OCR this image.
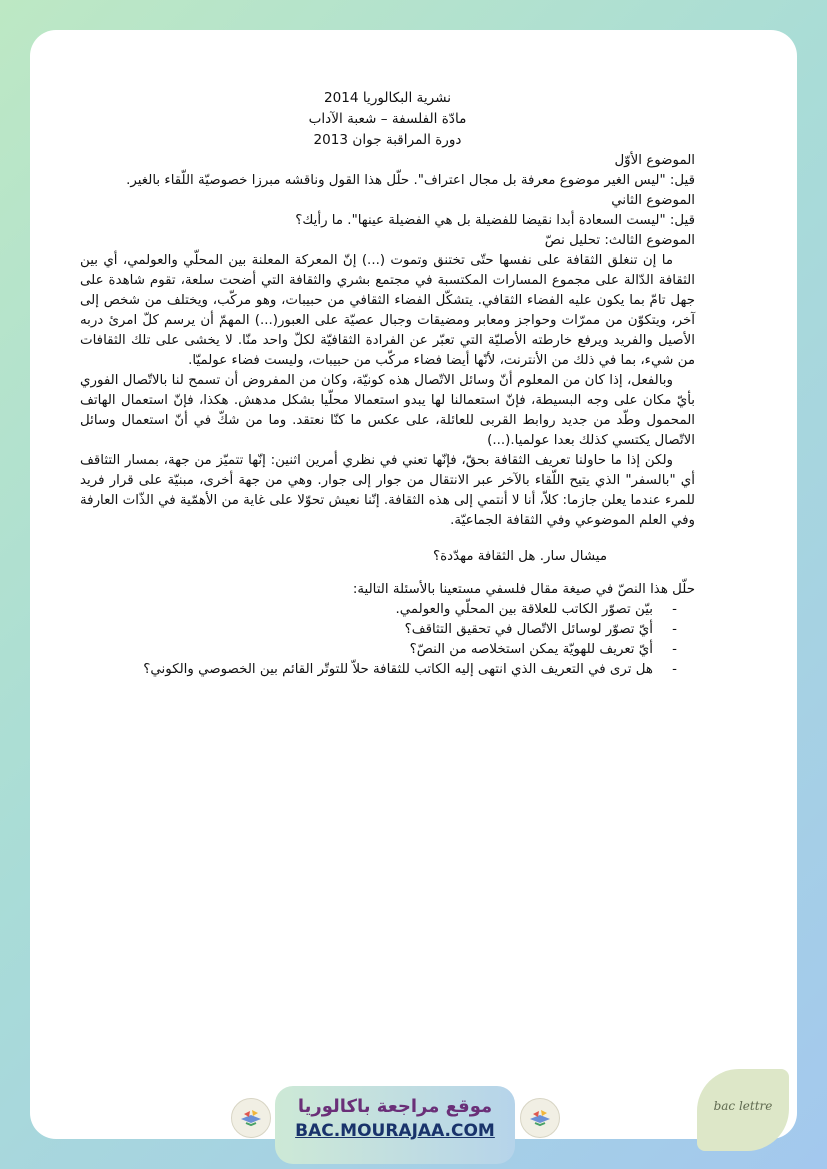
نشرية البكالوريا 2014
مادّة الفلسفة – شعبة الآداب
دورة المراقبة جوان 2013
الموضوع الأوّل

قيل: "ليس الغير موضوع معرفة بل مجال اعتراف". حلّل هذا القول وناقشه مبرزا خصوصيّة اللّقاء بالغير.

الموضوع الثاني

قيل: "ليست السعادة أبدا نقيضا للفضيلة بل هي الفضيلة عينها". ما رأيك؟

الموضوع الثالث: تحليل نصّ

ما إن تنغلق الثقافة على نفسها حتّى تختنق وتموت (...) إنّ المعركة المعلنة بين المحلّي والعولمي، أي بين الثقافة الدّالة على مجموع المسارات المكتسبة في مجتمع بشري والثقافة التي أضحت سلعة، تقوم شاهدة على جهل تامّ بما يكون عليه الفضاء الثقافي. يتشكّل الفضاء الثقافي من حبيبات، وهو مركّب، ويختلف من شخص إلى آخر، ويتكوّن من ممرّات وحواجز ومعابر ومضيقات وجبال عصيّة على العبور(...) المهمّ أن يرسم كلّ امرئ دربه الأصيل والفريد ويرفع خارطته الأصليّة التي تعبّر عن الفرادة الثقافيّة لكلّ واحد منّا. لا يخشى على تلك الثقافات من شيء، بما في ذلك من الأنترنت، لأنّها أيضا فضاء مركّب من حبيبات، وليست فضاء عولميّا.

وبالفعل، إذا كان من المعلوم أنّ وسائل الاتّصال هذه كونيّة، وكان من المفروض أن تسمح لنا بالاتّصال الفوري بأيّ مكان على وجه البسيطة، فإنّ استعمالنا لها يبدو استعمالا محلّيا بشكل مدهش. هكذا، فإنّ استعمال الهاتف المحمول وطّد من جديد روابط القربى للعائلة، على عكس ما كنّا نعتقد. وما من شكّ في أنّ استعمال وسائل الاتّصال يكتسي كذلك بعدا عولميا.(...)

ولكن إذا ما حاولنا تعريف الثقافة بحقّ، فإنّها تعني في نظري أمرين اثنين: إنّها تتميّز من جهة، بمسار التثاقف أي "بالسفر" الذي يتيح اللّقاء بالآخر عبر الانتقال من جوار إلى جوار. وهي من جهة أخرى، مبنيّة على قرار فريد للمرء عندما يعلن جازما: كلاّ، أنا لا أنتمي إلى هذه الثقافة. إنّنا نعيش تحوّلا على غاية من الأهمّية في الذّات العارفة وفي العلم الموضوعي وفي الثقافة الجماعيّة.

ميشال سار. هل الثقافة مهدّدة؟
حلّل هذا النصّ في صيغة مقال فلسفي مستعينا بالأسئلة التالية:
- بيّن تصوّر الكاتب للعلاقة بين المحلّي والعولمي.
- أيّ تصوّر لوسائل الاتّصال في تحقيق التثاقف؟
- أيّ تعريف للهويّة يمكن استخلاصه من النصّ؟
- هل ترى في التعريف الذي انتهى إليه الكاتب للثقافة حلاّ للتوتّر القائم بين الخصوصي والكوني؟
موقع مراجعة باكالوريا
BAC.MOURAJAA.COM
bac lettre
